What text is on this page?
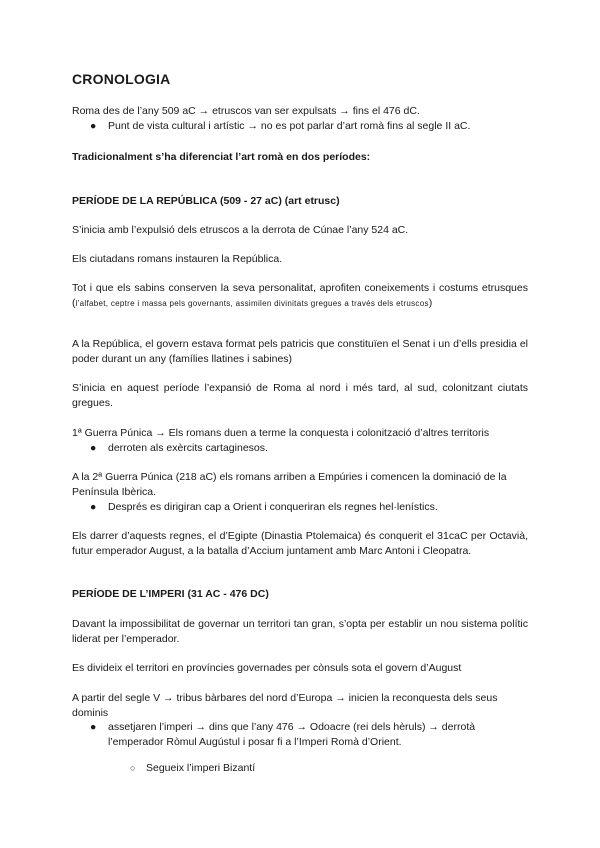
CRONOLOGIA
Roma des de l’any 509 aC → etruscos van ser expulsats → fins el 476 dC.
● Punt de vista cultural i artístic → no es pot parlar d’art romà fins al segle II aC.
Tradicionalment s’ha diferenciat l’art romà en dos períodes:
PERÍODE DE LA REPÚBLICA (509 - 27 aC) (art etrusc)
S’inicia amb l’expulsió dels etruscos a la derrota de Cúnae l’any 524 aC.
Els ciutadans romans instauren la República.
Tot i que els sabins conserven la seva personalitat, aprofiten coneixements i costums etrusques (l’alfabet, ceptre i massa pels governants, assimilen divinitats gregues a través dels etruscos)
A la República, el govern estava format pels patricis que constituïen el Senat i un d’ells presidia el poder durant un any (famílies llatines i sabines)
S’inicia en aquest període l’expansió de Roma al nord i més tard, al sud, colonitzant ciutats gregues.
1ª Guerra Púnica → Els romans duen a terme la conquesta i colonització d’altres territoris
● derroten als exèrcits cartaginesos.
A la 2ª Guerra Púnica (218 aC) els romans arriben a Empúries i comencen la dominació de la Península Ibèrica.
● Després es dirigiran cap a Orient i conqueriran els regnes hel·lenístics.
Els darrer d’aquests regnes, el d’Egipte (Dinastia Ptolemaica) és conquerit el 31caC per Octavià, futur emperador August, a la batalla d’Accium juntament amb Marc Antoni i Cleopatra.
PERÍODE DE L’IMPERI (31 AC - 476 DC)
Davant la impossibilitat de governar un territori tan gran, s’opta per establir un nou sistema polític liderat per l’emperador.
Es divideix el territori en províncies governades per cònsuls sota el govern d’August
A partir del segle V → tribus bàrbares del nord d’Europa → inicien la reconquesta dels seus dominis
● assetjaren l’imperi → dins que l’any 476 → Odoacre (rei dels hèruls) → derrotà l’emperador Ròmul Augústul i posar fi a l’Imperi Romà d’Orient.
○ Segueix l’imperi Bizantí
